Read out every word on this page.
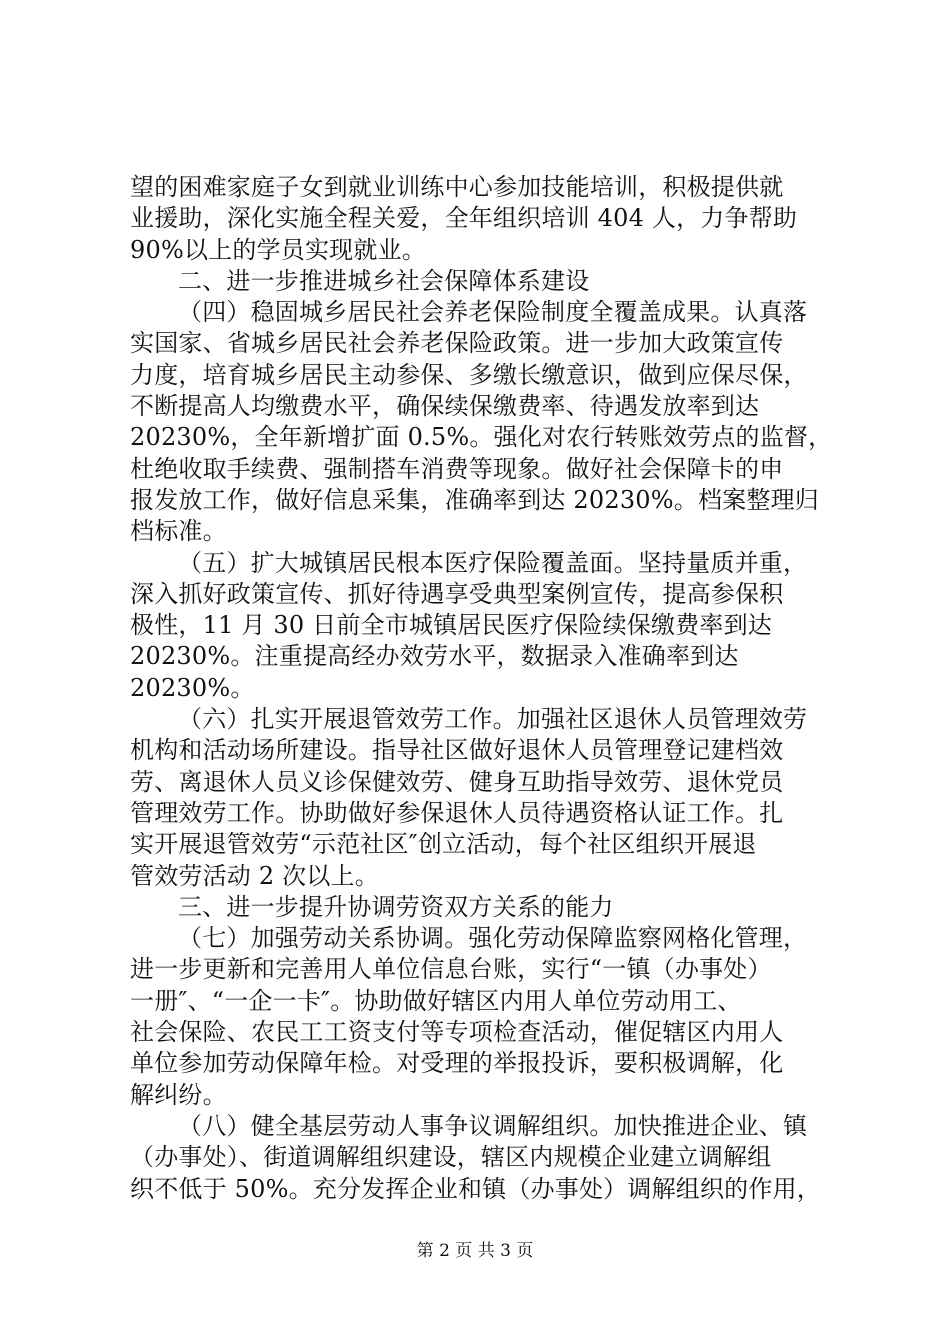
望的困难家庭子女到就业训练中心参加技能培训，积极提供就
业援助，深化实施全程关爱，全年组织培训 404 人，力争帮助
90%以上的学员实现就业。
二、进一步推进城乡社会保障体系建设
（四）稳固城乡居民社会养老保险制度全覆盖成果。认真落
实国家、省城乡居民社会养老保险政策。进一步加大政策宣传
力度，培育城乡居民主动参保、多缴长缴意识，做到应保尽保，
不断提高人均缴费水平，确保续保缴费率、待遇发放率到达
20230%，全年新增扩面 0.5%。强化对农行转账效劳点的监督，
杜绝收取手续费、强制搭车消费等现象。做好社会保障卡的申
报发放工作，做好信息采集，准确率到达 20230%。档案整理归
档标准。
（五）扩大城镇居民根本医疗保险覆盖面。坚持量质并重，
深入抓好政策宣传、抓好待遇享受典型案例宣传，提高参保积
极性，11 月 30 日前全市城镇居民医疗保险续保缴费率到达
20230%。注重提高经办效劳水平，数据录入准确率到达
20230%。
（六）扎实开展退管效劳工作。加强社区退休人员管理效劳
机构和活动场所建设。指导社区做好退休人员管理登记建档效
劳、离退休人员义诊保健效劳、健身互助指导效劳、退休党员
管理效劳工作。协助做好参保退休人员待遇资格认证工作。扎
实开展退管效劳“示范社区″创立活动，每个社区组织开展退
管效劳活动 2 次以上。
三、进一步提升协调劳资双方关系的能力
（七）加强劳动关系协调。强化劳动保障监察网格化管理，
进一步更新和完善用人单位信息台账，实行“一镇（办事处）
一册″、“一企一卡″。协助做好辖区内用人单位劳动用工、
社会保险、农民工工资支付等专项检查活动，催促辖区内用人
单位参加劳动保障年检。对受理的举报投诉，要积极调解，化
解纠纷。
（八）健全基层劳动人事争议调解组织。加快推进企业、镇
（办事处）、街道调解组织建设，辖区内规模企业建立调解组
织不低于 50%。充分发挥企业和镇（办事处）调解组织的作用，
第 2 页 共 3 页
